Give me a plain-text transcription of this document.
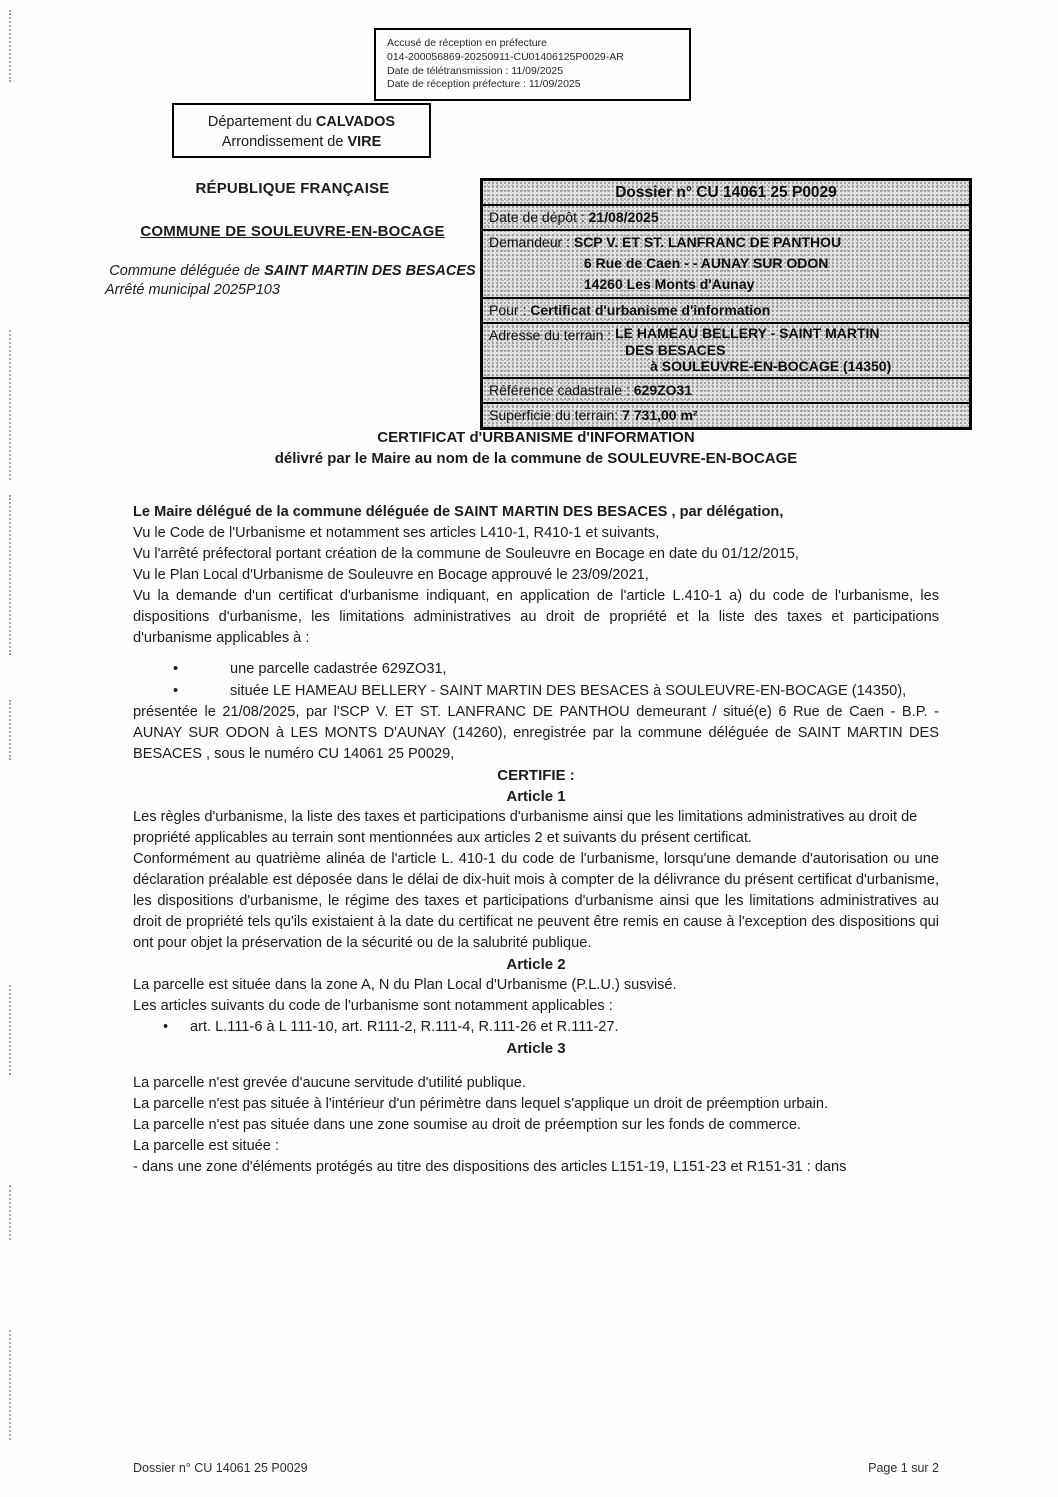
Accusé de réception en préfecture
014-200056869-20250911-CU01406125P0029-AR
Date de télétransmission : 11/09/2025
Date de réception préfecture : 11/09/2025
Département du CALVADOS
Arrondissement de VIRE
RÉPUBLIQUE FRANÇAISE
COMMUNE DE SOULEUVRE-EN-BOCAGE
Commune déléguée de SAINT MARTIN DES BESACES
Arrêté municipal 2025P103
Dossier n° CU 14061 25 P0029
Date de dépôt : 21/08/2025
Demandeur : SCP V. ET ST. LANFRANC DE PANTHOU
6 Rue de Caen - - AUNAY SUR ODON
14260 Les Monts d'Aunay
Pour : Certificat d'urbanisme d'information
Adresse du terrain : LE HAMEAU BELLERY - SAINT MARTIN
DES BESACES
à SOULEUVRE-EN-BOCAGE (14350)
Référence cadastrale : 629ZO31
Superficie du terrain: 7 731,00 m²
CERTIFICAT d'URBANISME d'INFORMATION
délivré par le Maire au nom de la commune de SOULEUVRE-EN-BOCAGE

Le Maire délégué de la commune déléguée de SAINT MARTIN DES BESACES , par délégation,

Vu le Code de l'Urbanisme et notamment ses articles L410-1, R410-1 et suivants,

Vu l'arrêté préfectoral portant création de la commune de Souleuvre en Bocage en date du 01/12/2015,

Vu le Plan Local d'Urbanisme de Souleuvre en Bocage approuvé le 23/09/2021,

Vu la demande d'un certificat d'urbanisme indiquant, en application de l'article L.410-1 a) du code de l'urbanisme, les dispositions d'urbanisme, les limitations administratives au droit de propriété et la liste des taxes et participations d'urbanisme applicables à :

• une parcelle cadastrée 629ZO31,
• située LE HAMEAU BELLERY - SAINT MARTIN DES BESACES à SOULEUVRE-EN-BOCAGE (14350),

présentée le 21/08/2025, par l'SCP V. ET ST. LANFRANC DE PANTHOU demeurant / situé(e) 6 Rue de Caen - B.P. - AUNAY SUR ODON à LES MONTS D'AUNAY (14260), enregistrée par la commune déléguée de SAINT MARTIN DES BESACES , sous le numéro CU 14061 25 P0029,

CERTIFIE :

Article 1

Les règles d'urbanisme, la liste des taxes et participations d'urbanisme ainsi que les limitations administratives au droit de propriété applicables au terrain sont mentionnées aux articles 2 et suivants du présent certificat.

Conformément au quatrième alinéa de l'article L. 410-1 du code de l'urbanisme, lorsqu'une demande d'autorisation ou une déclaration préalable est déposée dans le délai de dix-huit mois à compter de la délivrance du présent certificat d'urbanisme, les dispositions d'urbanisme, le régime des taxes et participations d'urbanisme ainsi que les limitations administratives au droit de propriété tels qu'ils existaient à la date du certificat ne peuvent être remis en cause à l'exception des dispositions qui ont pour objet la préservation de la sécurité ou de la salubrité publique.

Article 2

La parcelle est située dans la zone A, N du Plan Local d'Urbanisme (P.L.U.) susvisé.

Les articles suivants du code de l'urbanisme sont notamment applicables :

• art. L.111-6 à L 111-10, art. R111-2, R.111-4, R.111-26 et R.111-27.

Article 3

La parcelle n'est grevée d'aucune servitude d'utilité publique.

La parcelle n'est pas située à l'intérieur d'un périmètre dans lequel s'applique un droit de préemption urbain.

La parcelle n'est pas située dans une zone soumise au droit de préemption sur les fonds de commerce.

La parcelle est située :

- dans une zone d'éléments protégés au titre des dispositions des articles L151-19, L151-23 et R151-31 : dans

Dossier n° CU 14061 25 P0029	Page 1 sur 2
